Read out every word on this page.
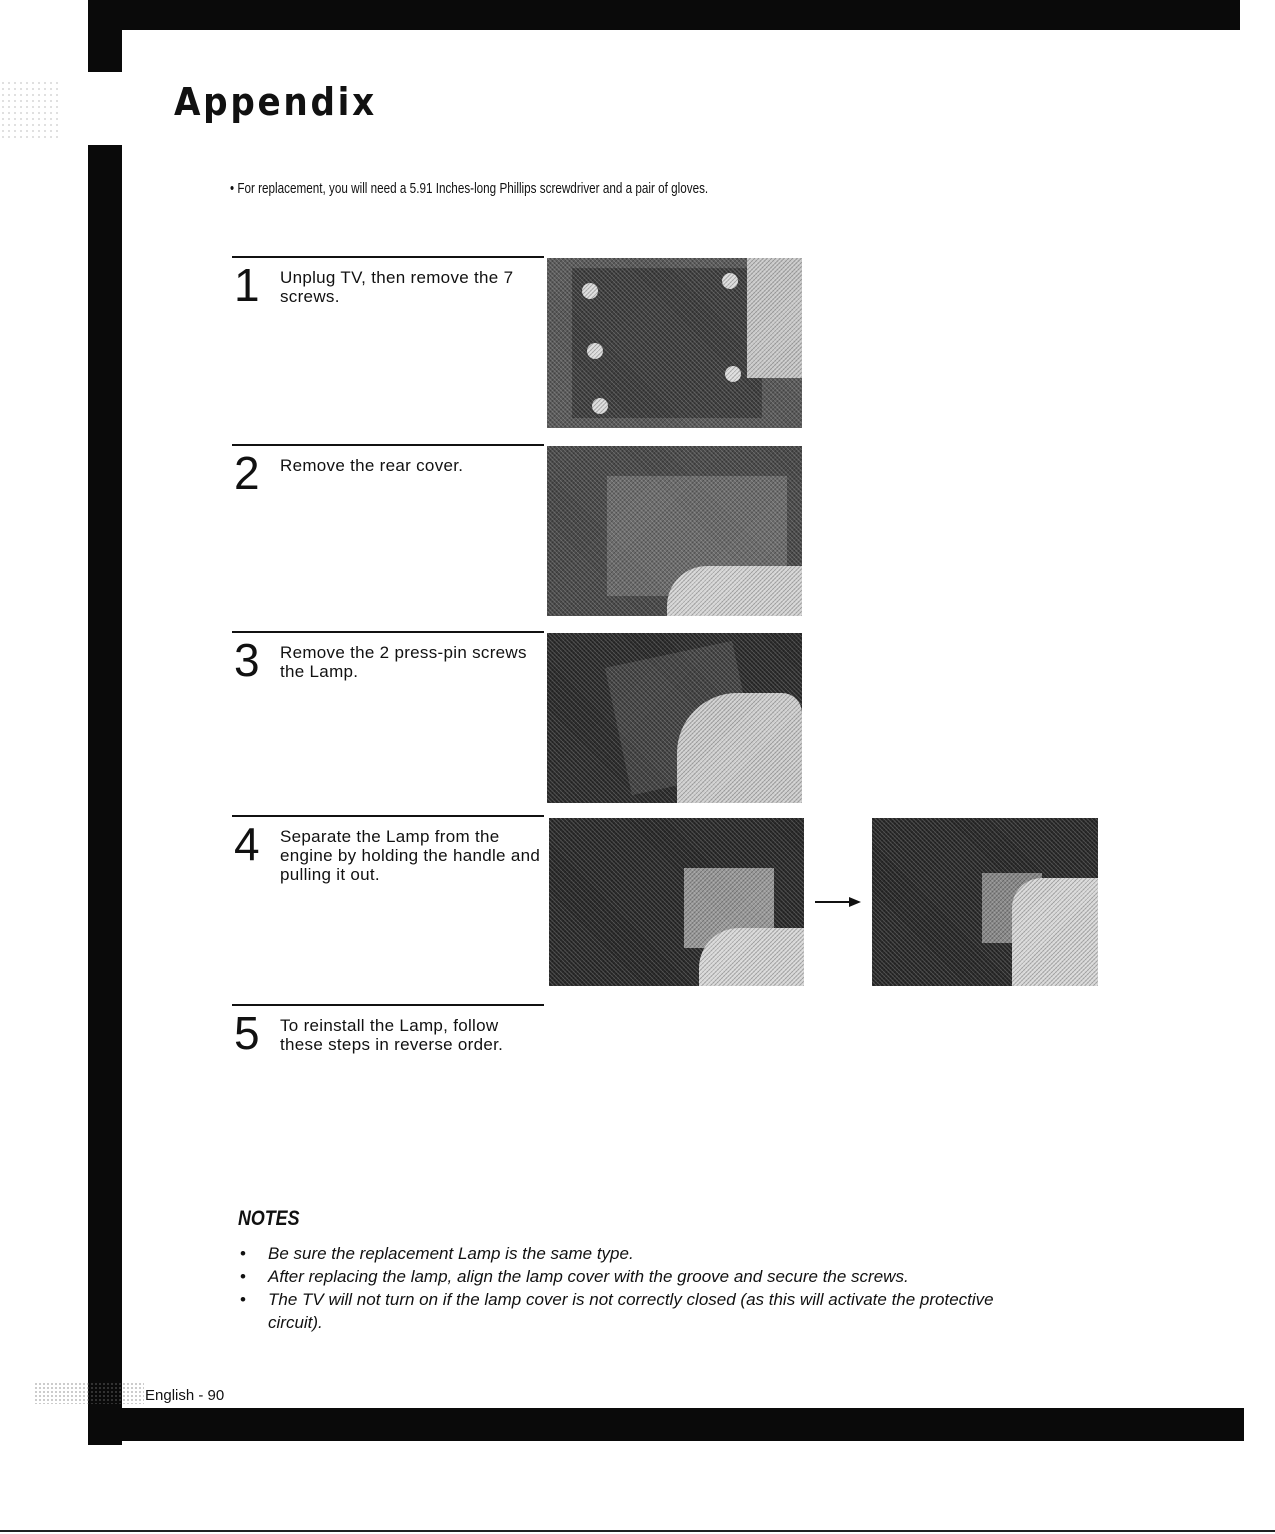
Appendix
• For replacement, you will need a 5.91 Inches-long Phillips screwdriver and a pair of gloves.
1 Unplug TV, then remove the 7 screws.
2 Remove the rear cover.
3 Remove the 2 press-pin screws the Lamp.
4 Separate the Lamp from the engine by holding the handle and pulling it out.
5 To reinstall the Lamp, follow these steps in reverse order.
NOTES
• Be sure the replacement Lamp is the same type.
• After replacing the lamp, align the lamp cover with the groove and secure the screws.
• The TV will not turn on if the lamp cover is not correctly closed (as this will activate the protective circuit).
English - 90
